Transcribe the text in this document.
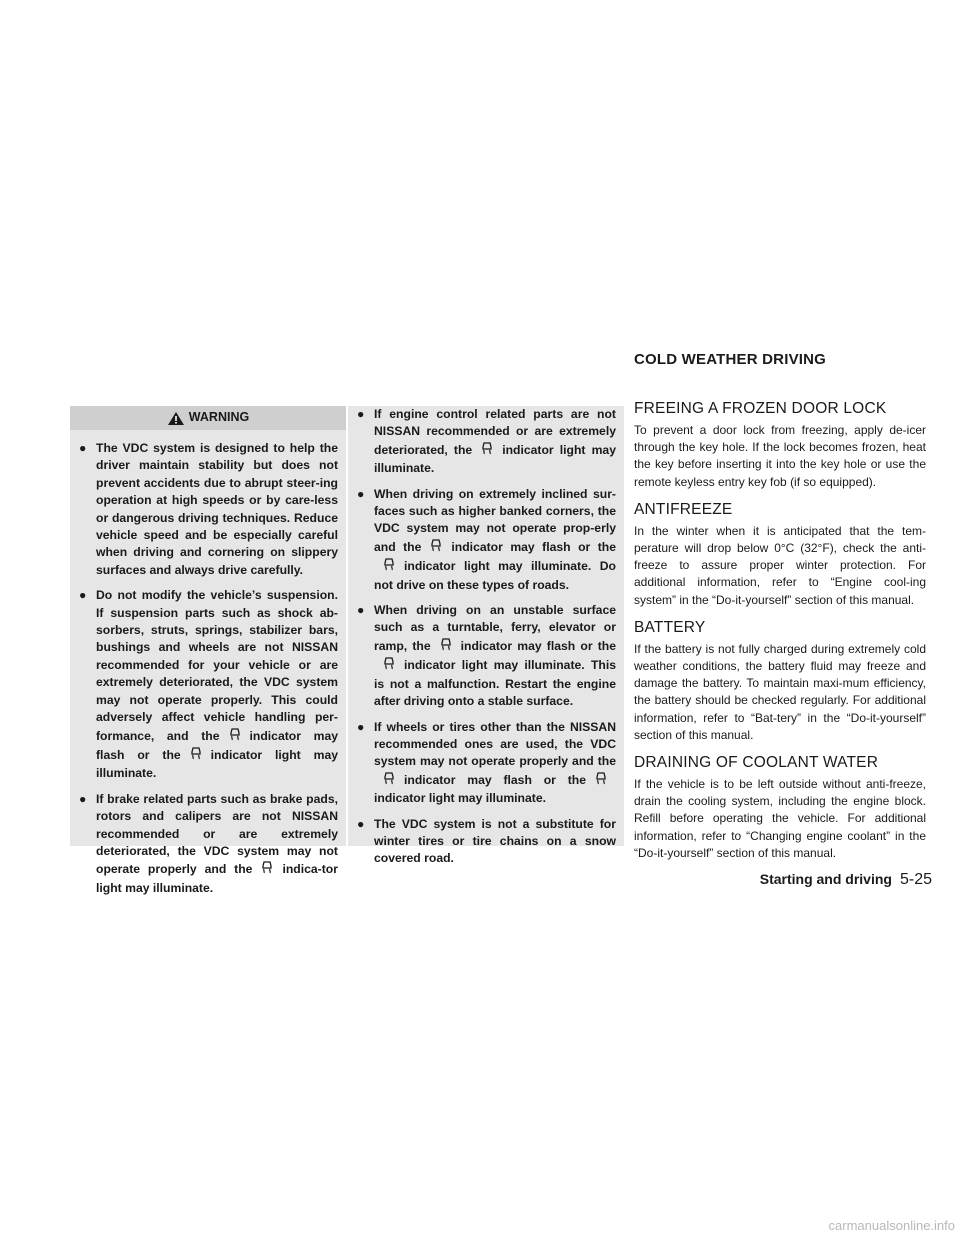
COLD WEATHER DRIVING
WARNING
● The VDC system is designed to help the driver maintain stability but does not prevent accidents due to abrupt steer-ing operation at high speeds or by care-less or dangerous driving techniques. Reduce vehicle speed and be especially careful when driving and cornering on slippery surfaces and always drive carefully.
● Do not modify the vehicle’s suspension. If suspension parts such as shock ab-sorbers, struts, springs, stabilizer bars, bushings and wheels are not NISSAN recommended for your vehicle or are extremely deteriorated, the VDC system may not operate properly. This could adversely affect vehicle handling per-formance, and the indicator may flash or the indicator light may illuminate.
● If brake related parts such as brake pads, rotors and calipers are not NISSAN recommended or are extremely deteriorated, the VDC system may not operate properly and the indica-tor light may illuminate.
● If engine control related parts are not NISSAN recommended or are extremely deteriorated, the indicator light may illuminate.
● When driving on extremely inclined sur-faces such as higher banked corners, the VDC system may not operate prop-erly and the indicator may flash or theindicator light may illuminate. Do not drive on these types of roads.
● When driving on an unstable surface such as a turntable, ferry, elevator or ramp, the indicator may flash or theindicator light may illuminate. This is not a malfunction. Restart the engine after driving onto a stable surface.
● If wheels or tires other than the NISSAN recommended ones are used, the VDC system may not operate properly and theindicator may flash or theindicator light may illuminate.
● The VDC system is not a substitute for winter tires or tire chains on a snow covered road.
FREEING A FROZEN DOOR LOCK
To prevent a door lock from freezing, apply de-icer through the key hole. If the lock becomes frozen, heat the key before inserting it into the key hole or use the remote keyless entry key fob (if so equipped).
ANTIFREEZE
In the winter when it is anticipated that the tem-perature will drop below 0°C (32°F), check the anti-freeze to assure proper winter protection. For additional information, refer to “Engine cool-ing system” in the “Do-it-yourself” section of this manual.
BATTERY
If the battery is not fully charged during extremely cold weather conditions, the battery fluid may freeze and damage the battery. To maintain maxi-mum efficiency, the battery should be checked regularly. For additional information, refer to “Bat-tery” in the “Do-it-yourself” section of this manual.
DRAINING OF COOLANT WATER
If the vehicle is to be left outside without anti-freeze, drain the cooling system, including the engine block. Refill before operating the vehicle. For additional information, refer to “Changing engine coolant” in the “Do-it-yourself” section of this manual.
Starting and driving 5-25
carmanualsonline.info
